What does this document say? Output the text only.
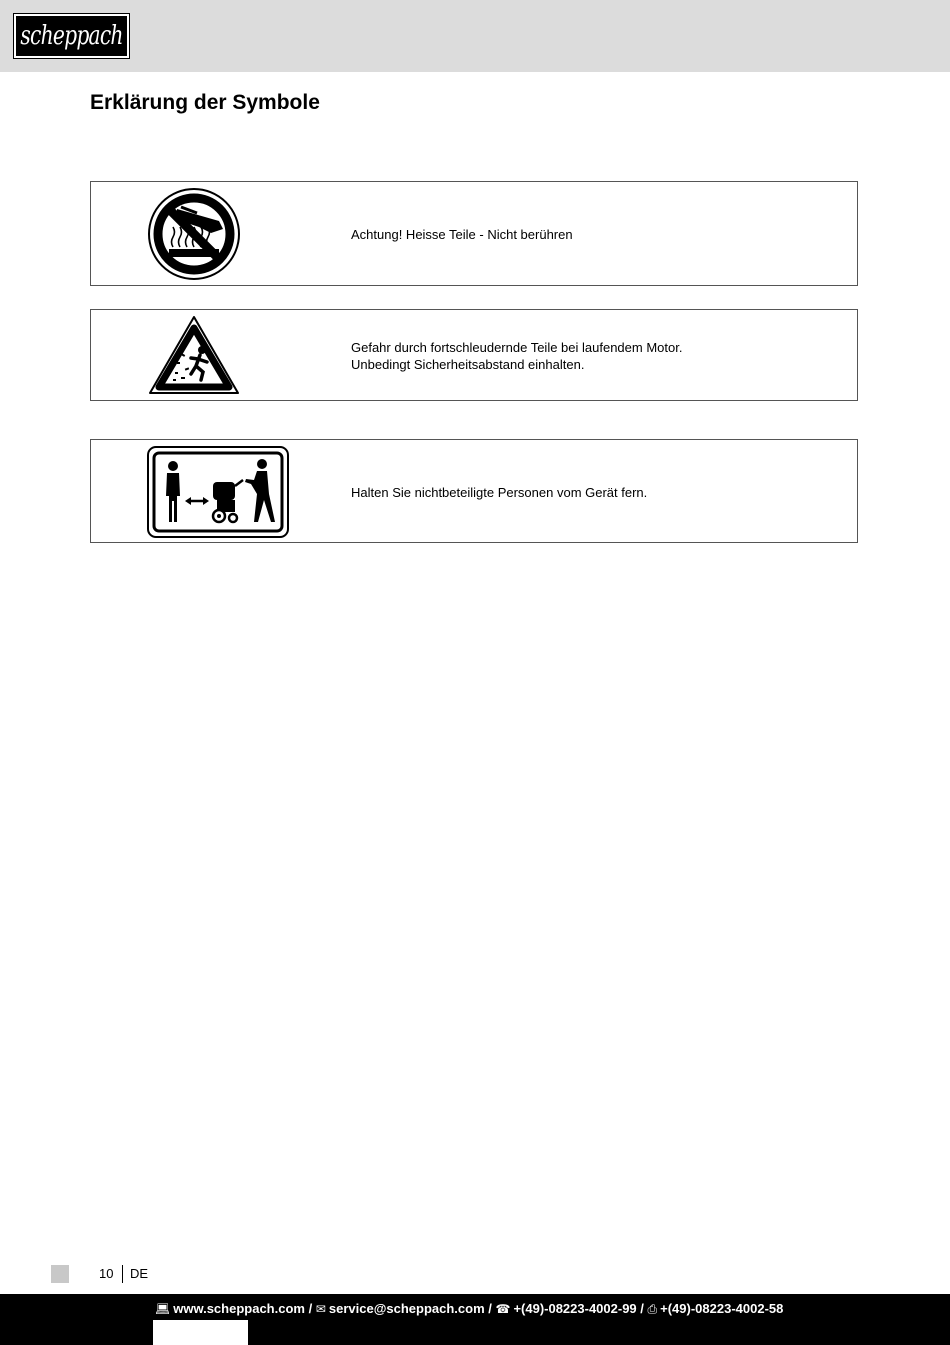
scheppach
Erklärung der Symbole

Achtung! Heisse Teile - Nicht berühren

Gefahr durch fortschleudernde Teile bei laufendem Motor.
Unbedingt Sicherheitsabstand einhalten.

Halten Sie nichtbeteiligte Personen vom Gerät fern.

10 DE
💻︎ www.scheppach.com / ✉ service@scheppach.com / ☎ +(49)-08223-4002-99 / ⎙ +(49)-08223-4002-58
